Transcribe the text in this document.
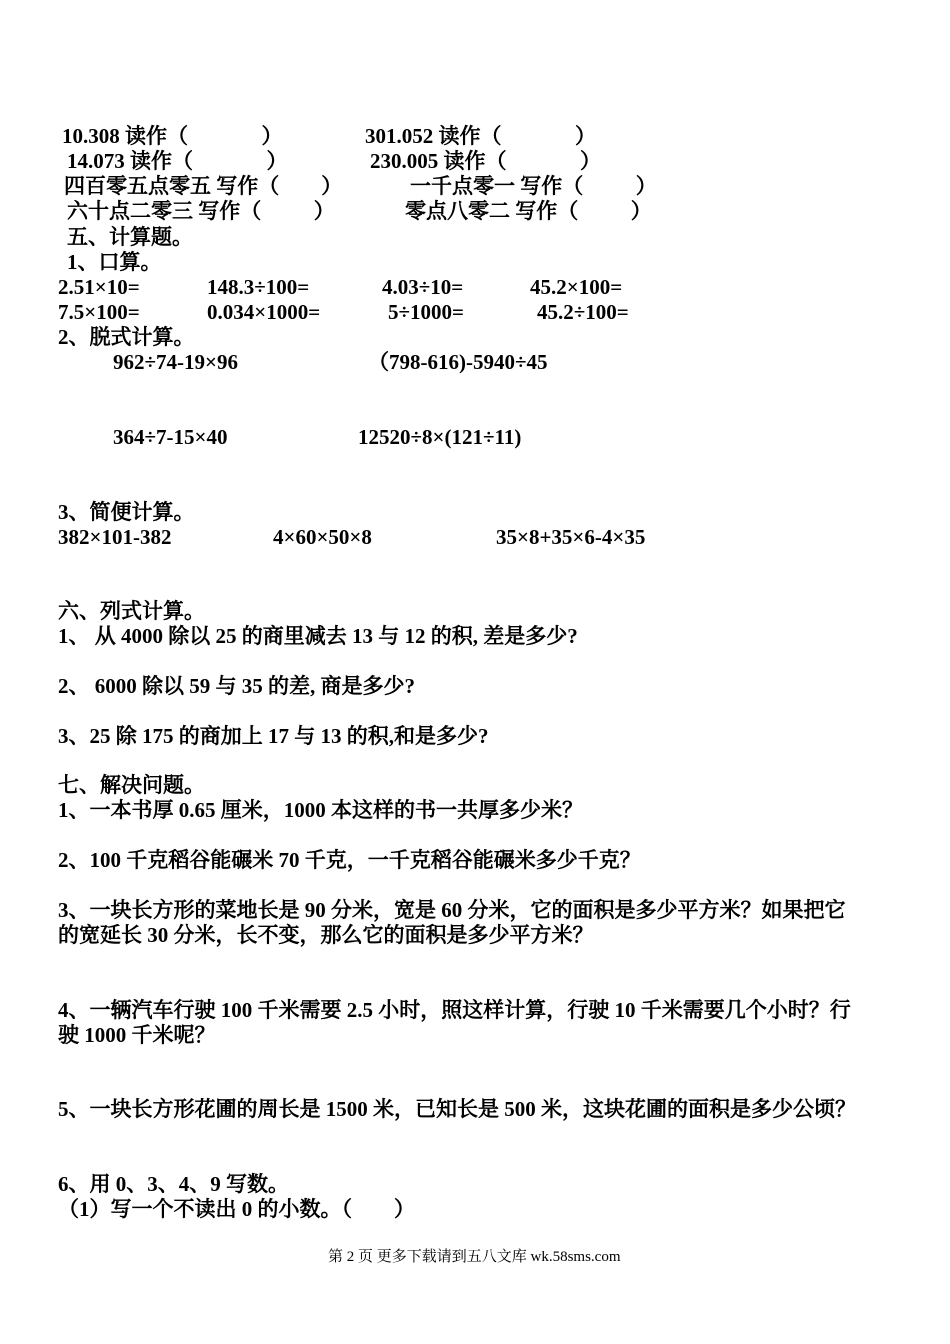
10.308 读作（              ）	301.052 读作（              ）
14.073 读作（              ）	230.005 读作（              ）
四百零五点零五 写作（        ）	一千点零一 写作（          ）
六十点二零三 写作（          ）	零点八零二 写作（          ）
五、计算题。
1、口算。
2.51×10=	148.3÷100=	4.03÷10=	45.2×100=
7.5×100=	0.034×1000=	5÷1000=	45.2÷100=
2、脱式计算。
962÷74-19×96	（798-616)-5940÷45
364÷7-15×40	12520÷8×(121÷11)
3、简便计算。
382×101-382	4×60×50×8	35×8+35×6-4×35
六、列式计算。
1、 从 4000 除以 25 的商里减去 13 与 12 的积, 差是多少?
2、 6000 除以 59 与 35 的差, 商是多少?
3、25 除 175 的商加上 17 与 13 的积,和是多少?
七、解决问题。
1、一本书厚 0.65 厘米，1000 本这样的书一共厚多少米？
2、100 千克稻谷能碾米 70 千克，一千克稻谷能碾米多少千克？
3、一块长方形的菜地长是 90 分米，宽是 60 分米，它的面积是多少平方米？如果把它
的宽延长 30 分米，长不变，那么它的面积是多少平方米？
4、一辆汽车行驶 100 千米需要 2.5 小时，照这样计算，行驶 10 千米需要几个小时？行
驶 1000 千米呢？
5、一块长方形花圃的周长是 1500 米，已知长是 500 米，这块花圃的面积是多少公顷？
6、用 0、3、4、9 写数。
（1）写一个不读出 0 的小数。（        ）
第 2 页 更多下载请到五八文库 wk.58sms.com
